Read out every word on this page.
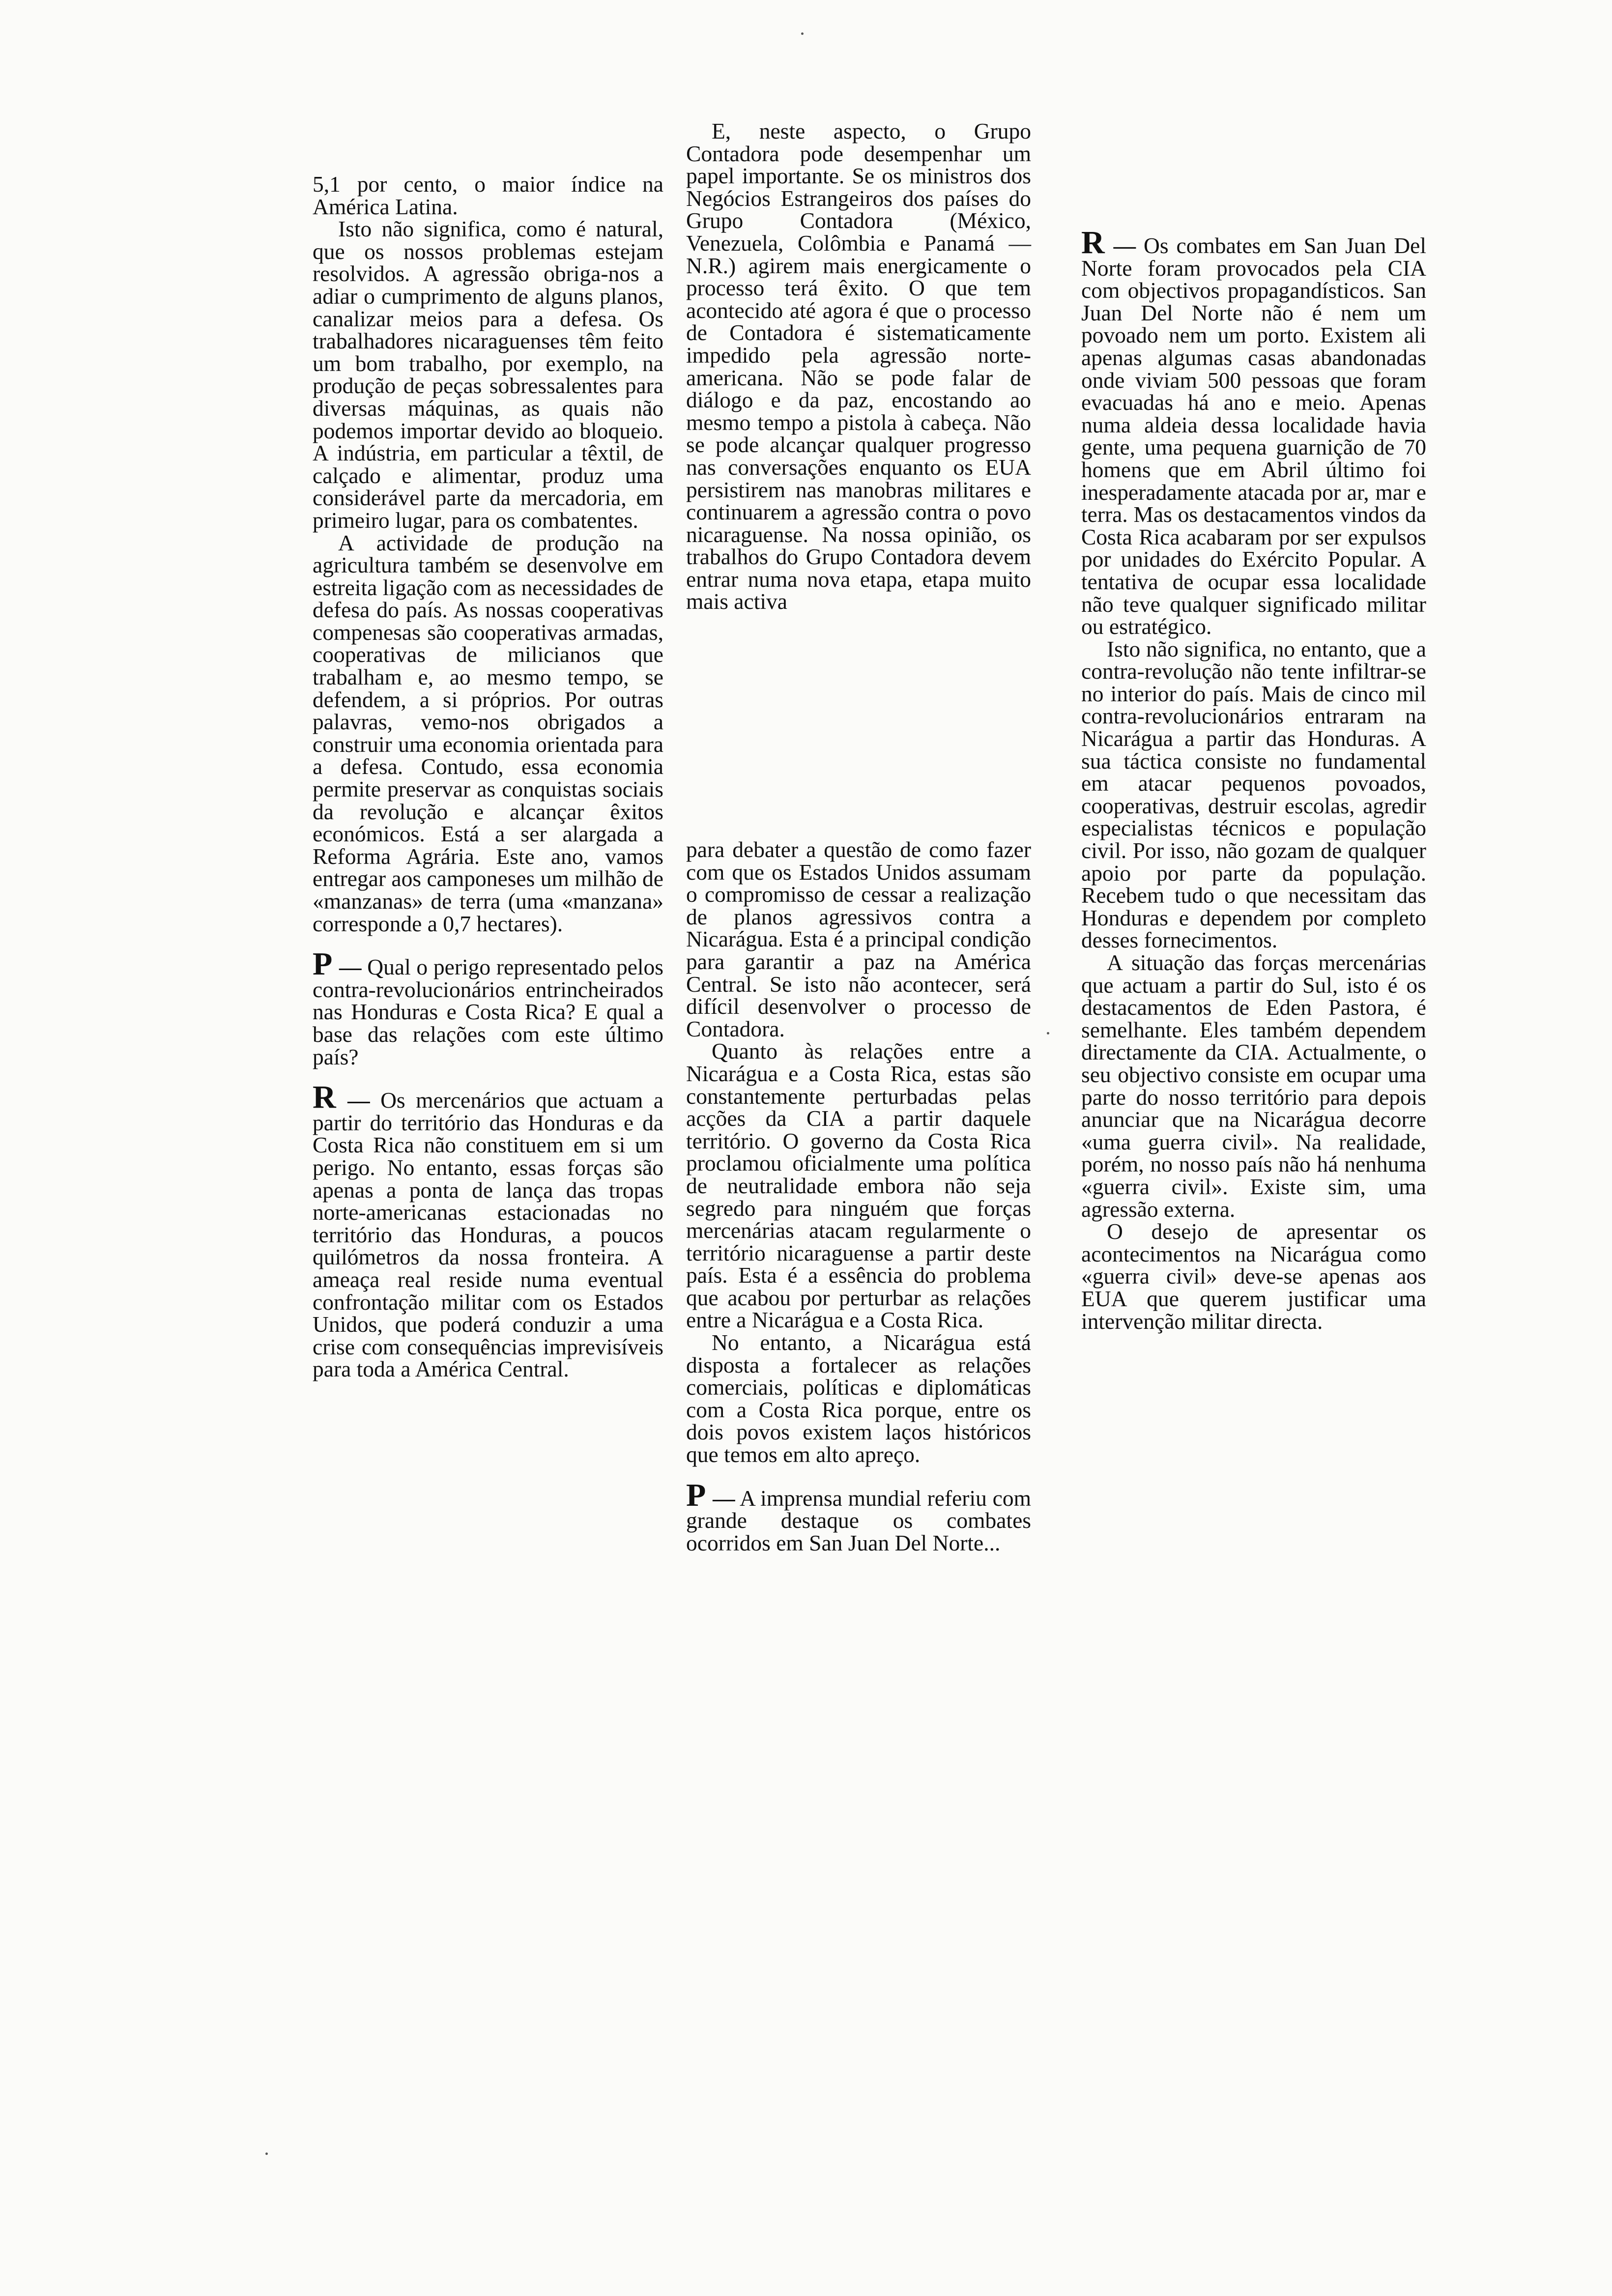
5,1 por cento, o maior índice na América Latina.

Isto não significa, como é natural, que os nossos problemas estejam resolvidos. A agressão obriga-nos a adiar o cumprimento de alguns planos, canalizar meios para a defesa. Os trabalhadores nicaraguenses têm feito um bom trabalho, por exemplo, na produção de peças sobressalentes para diversas máquinas, as quais não podemos importar devido ao bloqueio. A indústria, em particular a têxtil, de calçado e alimentar, produz uma considerável parte da mercadoria, em primeiro lugar, para os combatentes.

A actividade de produção na agricultura também se desenvolve em estreita ligação com as necessidades de defesa do país. As nossas cooperativas compenesas são cooperativas armadas, cooperativas de milicianos que trabalham e, ao mesmo tempo, se defendem, a si próprios. Por outras palavras, vemo-nos obrigados a construir uma economia orientada para a defesa. Contudo, essa economia permite preservar as conquistas sociais da revolução e alcançar êxitos económicos. Está a ser alargada a Reforma Agrária. Este ano, vamos entregar aos camponeses um milhão de «manzanas» de terra (uma «manzana» corresponde a 0,7 hectares).

P — Qual o perigo representado pelos contra-revolucionários entrincheirados nas Honduras e Costa Rica? E qual a base das relações com este último país?

R — Os mercenários que actuam a partir do território das Honduras e da Costa Rica não constituem em si um perigo. No entanto, essas forças são apenas a ponta de lança das tropas norte-americanas estacionadas no território das Honduras, a poucos quilómetros da nossa fronteira. A ameaça real reside numa eventual confrontação militar com os Estados Unidos, que poderá conduzir a uma crise com consequências imprevisíveis para toda a América Central.

E, neste aspecto, o Grupo Contadora pode desempenhar um papel importante. Se os ministros dos Negócios Estrangeiros dos países do Grupo Contadora (México, Venezuela, Colômbia e Panamá — N.R.) agirem mais energicamente o processo terá êxito. O que tem acontecido até agora é que o processo de Contadora é sistematicamente impedido pela agressão norte-americana. Não se pode falar de diálogo e da paz, encostando ao mesmo tempo a pistola à cabeça. Não se pode alcançar qualquer progresso nas conversações enquanto os EUA persistirem nas manobras militares e continuarem a agressão contra o povo nicaraguense. Na nossa opinião, os trabalhos do Grupo Contadora devem entrar numa nova etapa, etapa muito mais activa

para debater a questão de como fazer com que os Estados Unidos assumam o compromisso de cessar a realização de planos agressivos contra a Nicarágua. Esta é a principal condição para garantir a paz na América Central. Se isto não acontecer, será difícil desenvolver o processo de Contadora.

Quanto às relações entre a Nicarágua e a Costa Rica, estas são constantemente perturbadas pelas acções da CIA a partir daquele território. O governo da Costa Rica proclamou oficialmente uma política de neutralidade embora não seja segredo para ninguém que forças mercenárias atacam regularmente o território nicaraguense a partir deste país. Esta é a essência do problema que acabou por perturbar as relações entre a Nicarágua e a Costa Rica.

No entanto, a Nicarágua está disposta a fortalecer as relações comerciais, políticas e diplomáticas com a Costa Rica porque, entre os dois povos existem laços históricos que temos em alto apreço.

P — A imprensa mundial referiu com grande destaque os combates ocorridos em San Juan Del Norte...

R — Os combates em San Juan Del Norte foram provocados pela CIA com objectivos propagandísticos. San Juan Del Norte não é nem um povoado nem um porto. Existem ali apenas algumas casas abandonadas onde viviam 500 pessoas que foram evacuadas há ano e meio. Apenas numa aldeia dessa localidade havia gente, uma pequena guarnição de 70 homens que em Abril último foi inesperadamente atacada por ar, mar e terra. Mas os destacamentos vindos da Costa Rica acabaram por ser expulsos por unidades do Exército Popular. A tentativa de ocupar essa localidade não teve qualquer significado militar ou estratégico.

Isto não significa, no entanto, que a contra-revolução não tente infiltrar-se no interior do país. Mais de cinco mil contra-revolucionários entraram na Nicarágua a partir das Honduras. A sua táctica consiste no fundamental em atacar pequenos povoados, cooperativas, destruir escolas, agredir especialistas técnicos e população civil. Por isso, não gozam de qualquer apoio por parte da população. Recebem tudo o que necessitam das Honduras e dependem por completo desses fornecimentos.

A situação das forças mercenárias que actuam a partir do Sul, isto é os destacamentos de Eden Pastora, é semelhante. Eles também dependem directamente da CIA. Actualmente, o seu objectivo consiste em ocupar uma parte do nosso território para depois anunciar que na Nicarágua decorre «uma guerra civil». Na realidade, porém, no nosso país não há nenhuma «guerra civil». Existe sim, uma agressão externa.

O desejo de apresentar os acontecimentos na Nicarágua como «guerra civil» deve-se apenas aos EUA que querem justificar uma intervenção militar directa.
